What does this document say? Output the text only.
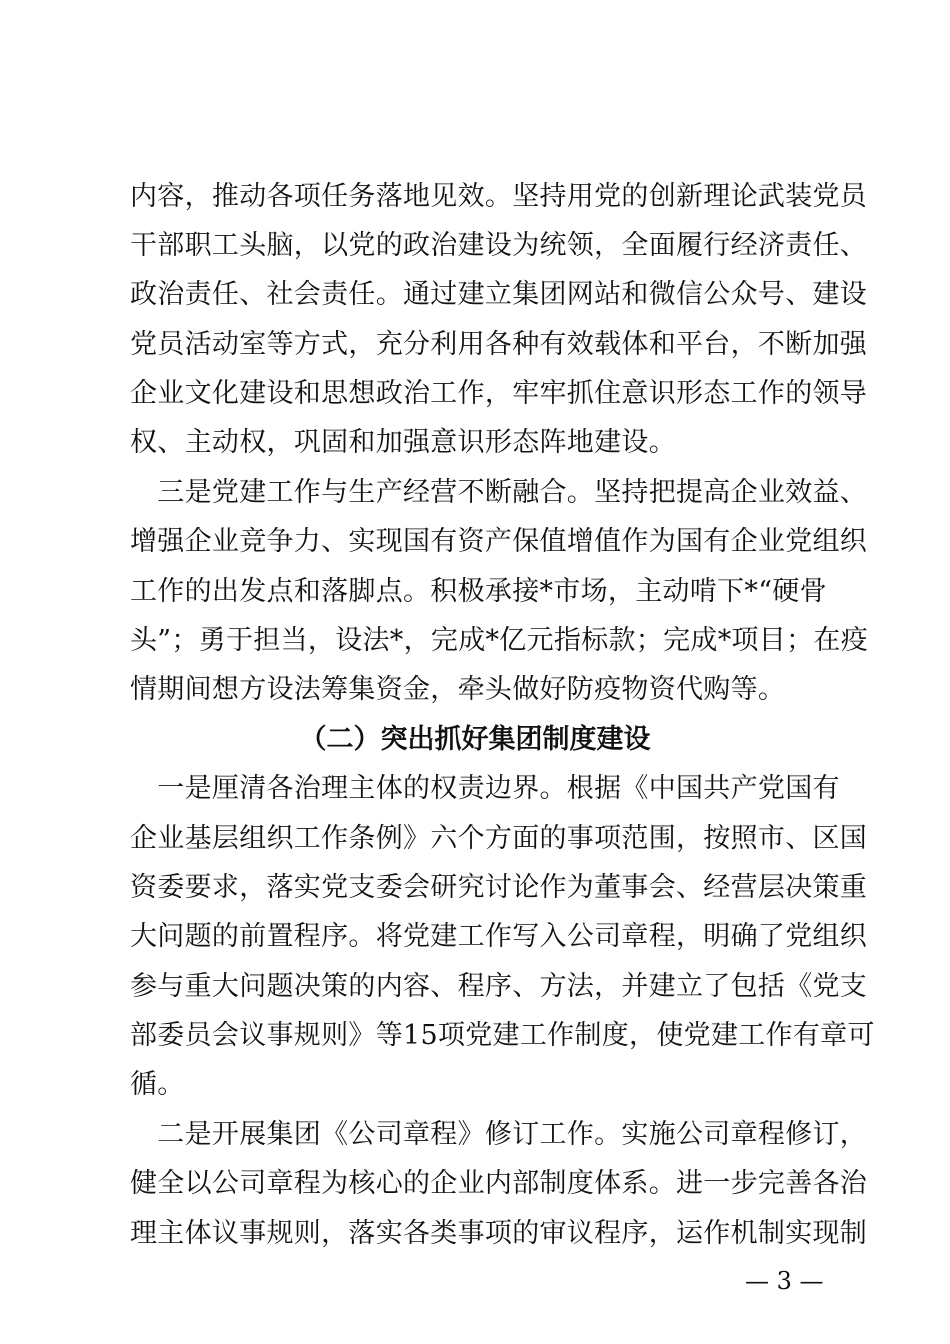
内容，推动各项任务落地见效。坚持用党的创新理论武装党员
干部职工头脑，以党的政治建设为统领，全面履行经济责任、
政治责任、社会责任。通过建立集团网站和微信公众号、建设
党员活动室等方式，充分利用各种有效载体和平台，不断加强
企业文化建设和思想政治工作，牢牢抓住意识形态工作的领导
权、主动权，巩固和加强意识形态阵地建设。
　三是党建工作与生产经营不断融合。坚持把提高企业效益、
增强企业竞争力、实现国有资产保值增值作为国有企业党组织
工作的出发点和落脚点。积极承接*市场，主动啃下*“硬骨
头”；勇于担当，设法*，完成*亿元指标款；完成*项目；在疫
情期间想方设法筹集资金，牵头做好防疫物资代购等。
（二）突出抓好集团制度建设
　一是厘清各治理主体的权责边界。根据《中国共产党国有
企业基层组织工作条例》六个方面的事项范围，按照市、区国
资委要求，落实党支委会研究讨论作为董事会、经营层决策重
大问题的前置程序。将党建工作写入公司章程，明确了党组织
参与重大问题决策的内容、程序、方法，并建立了包括《党支
部委员会议事规则》等15项党建工作制度，使党建工作有章可
循。
　二是开展集团《公司章程》修订工作。实施公司章程修订，
健全以公司章程为核心的企业内部制度体系。进一步完善各治
理主体议事规则，落实各类事项的审议程序，运作机制实现制
— 3 —
